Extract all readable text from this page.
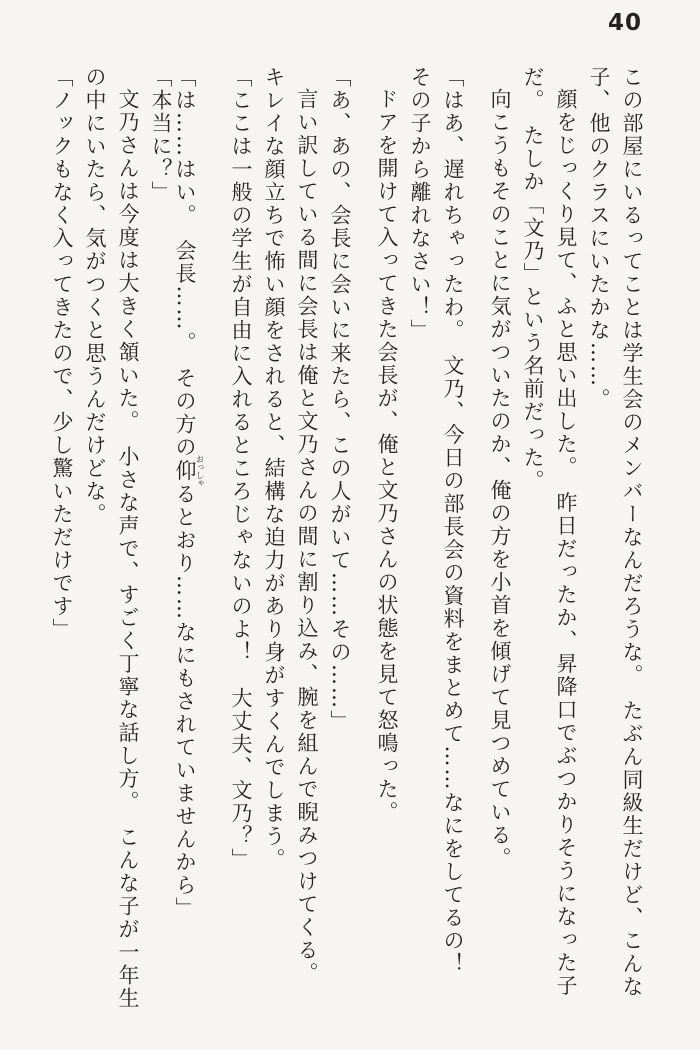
40
この部屋にいるってことは学生会のメンバーなんだろうな。　たぶん同級生だけど、こんな
子、他のクラスにいたかな……。
顔をじっくり見て、ふと思い出した。　昨日だったか、昇降口でぶつかりそうになった子
だ。　たしか「文乃」という名前だった。
向こうもそのことに気がついたのか、俺の方を小首を傾げて見つめている。
「はあ、遅れちゃったわ。　文乃、今日の部長会の資料をまとめて……なにをしてるの！
その子から離れなさい！」
ドアを開けて入ってきた会長が、俺と文乃さんの状態を見て怒鳴った。
「あ、あの、会長に会いに来たら、この人がいて……その……」
言い訳している間に会長は俺と文乃さんの間に割り込み、腕を組んで睨みつけてくる。
キレイな顔立ちで怖い顔をされると、結構な迫力があり身がすくんでしまう。
「ここは一般の学生が自由に入れるところじゃないのよ！　大丈夫、文乃？」
「は……はい。　会長……。　その方の仰おっしゃるとおり……なにもされていませんから」
「本当に？」
文乃さんは今度は大きく頷いた。　小さな声で、すごく丁寧な話し方。　こんな子が一年生
の中にいたら、気がつくと思うんだけどな。
「ノックもなく入ってきたので、少し驚いただけです」
